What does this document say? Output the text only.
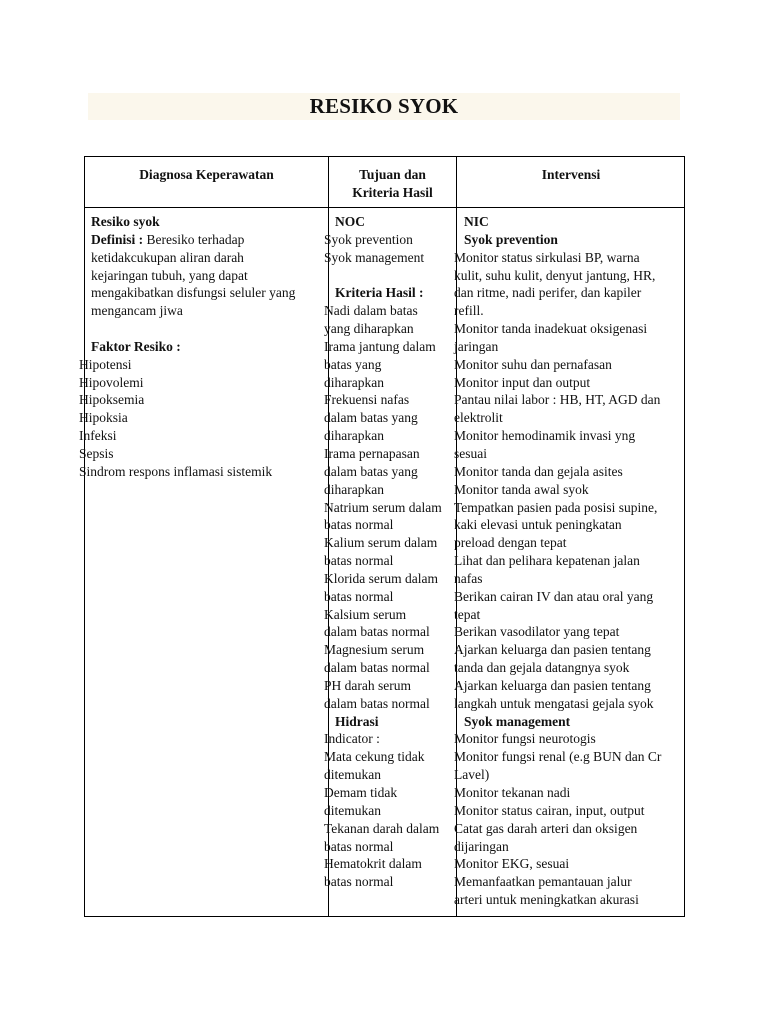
RESIKO SYOK
Diagnosa Keperawatan	Tujuan dan
Kriteria Hasil
Intervensi
Resiko syok
Definisi : Beresiko terhadap
ketidakcukupan aliran darah
kejaringan tubuh, yang dapat
mengakibatkan disfungsi seluler yang
mengancam jiwa
Faktor Resiko :
Hipotensi
Hipovolemi
Hipoksemia
Hipoksia
Infeksi
Sepsis
Sindrom respons inflamasi sistemik
NOC
Syok prevention
Syok management
Kriteria Hasil :
Nadi dalam batas
yang diharapkan
Irama jantung dalam
batas yang
diharapkan
Frekuensi nafas
dalam batas yang
diharapkan
Irama pernapasan
dalam batas yang
diharapkan
Natrium serum dalam
batas normal
Kalium serum dalam
batas normal
Klorida serum dalam
batas normal
Kalsium serum
dalam batas normal
Magnesium serum
dalam batas normal
PH darah serum
dalam batas normal
Hidrasi
Indicator :
Mata cekung tidak
ditemukan
Demam tidak
ditemukan
Tekanan darah dalam
batas normal
Hematokrit dalam
batas normal
NIC
Syok prevention
Monitor status sirkulasi BP, warna
kulit, suhu kulit, denyut jantung, HR,
dan ritme, nadi perifer, dan kapiler
refill.
Monitor tanda inadekuat oksigenasi
jaringan
Monitor suhu dan pernafasan
Monitor input dan output
Pantau nilai labor : HB, HT, AGD dan
elektrolit
Monitor hemodinamik invasi yng
sesuai
Monitor tanda dan gejala asites
Monitor tanda awal syok
Tempatkan pasien pada posisi supine,
kaki elevasi untuk peningkatan
preload dengan tepat
Lihat dan pelihara kepatenan jalan
nafas
Berikan cairan IV dan atau oral yang
tepat
Berikan vasodilator yang tepat
Ajarkan keluarga dan pasien tentang
tanda dan gejala datangnya syok
Ajarkan keluarga dan pasien tentang
langkah untuk mengatasi gejala syok
Syok management
Monitor fungsi neurotogis
Monitor fungsi renal (e.g BUN dan Cr
Lavel)
Monitor tekanan nadi
Monitor status cairan, input, output
Catat gas darah arteri dan oksigen
dijaringan
Monitor EKG, sesuai
Memanfaatkan pemantauan jalur
arteri untuk meningkatkan akurasi
